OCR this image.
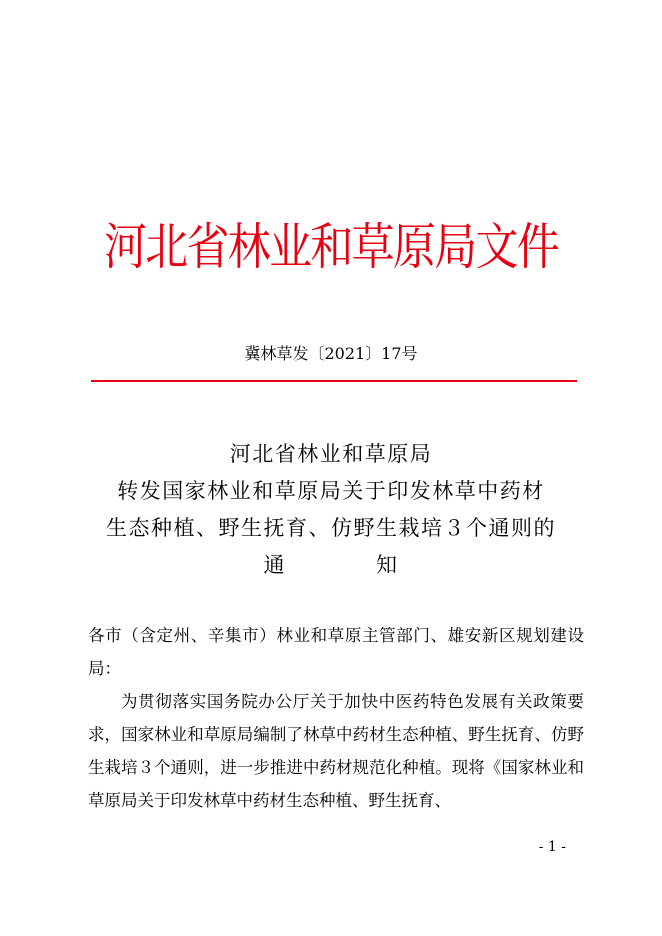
河北省林业和草原局文件
冀林草发〔2021〕17号
河北省林业和草原局
转发国家林业和草原局关于印发林草中药材
生态种植、野生抚育、仿野生栽培３个通则的
通	知

各市（含定州、辛集市）林业和草原主管部门、雄安新区规划建设局：

为贯彻落实国务院办公厅关于加快中医药特色发展有关政策要求，国家林业和草原局编制了林草中药材生态种植、野生抚育、仿野生栽培３个通则，进一步推进中药材规范化种植。现将《国家林业和草原局关于印发林草中药材生态种植、野生抚育、

- 1 -
